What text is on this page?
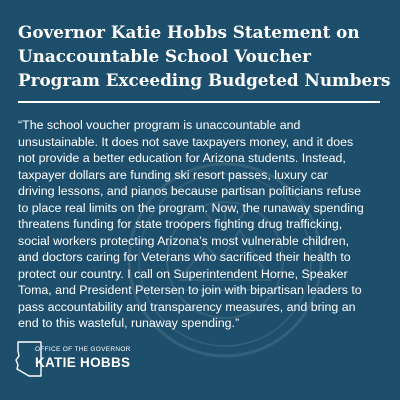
Governor Katie Hobbs Statement on
Unaccountable School Voucher
Program Exceeding Budgeted Numbers

“The school voucher program is unaccountable and
unsustainable. It does not save taxpayers money, and it does
not provide a better education for Arizona students. Instead,
taxpayer dollars are funding ski resort passes, luxury car
driving lessons, and pianos because partisan politicians refuse
to place real limits on the program. Now, the runaway spending
threatens funding for state troopers fighting drug trafficking,
social workers protecting Arizona’s most vulnerable children,
and doctors caring for Veterans who sacrificed their health to
protect our country. I call on Superintendent Horne, Speaker
Toma, and President Petersen to join with bipartisan leaders to
pass accountability and transparency measures, and bring an
end to this wasteful, runaway spending.”

OFFICE OF THE GOVERNOR
KATIE HOBBS
